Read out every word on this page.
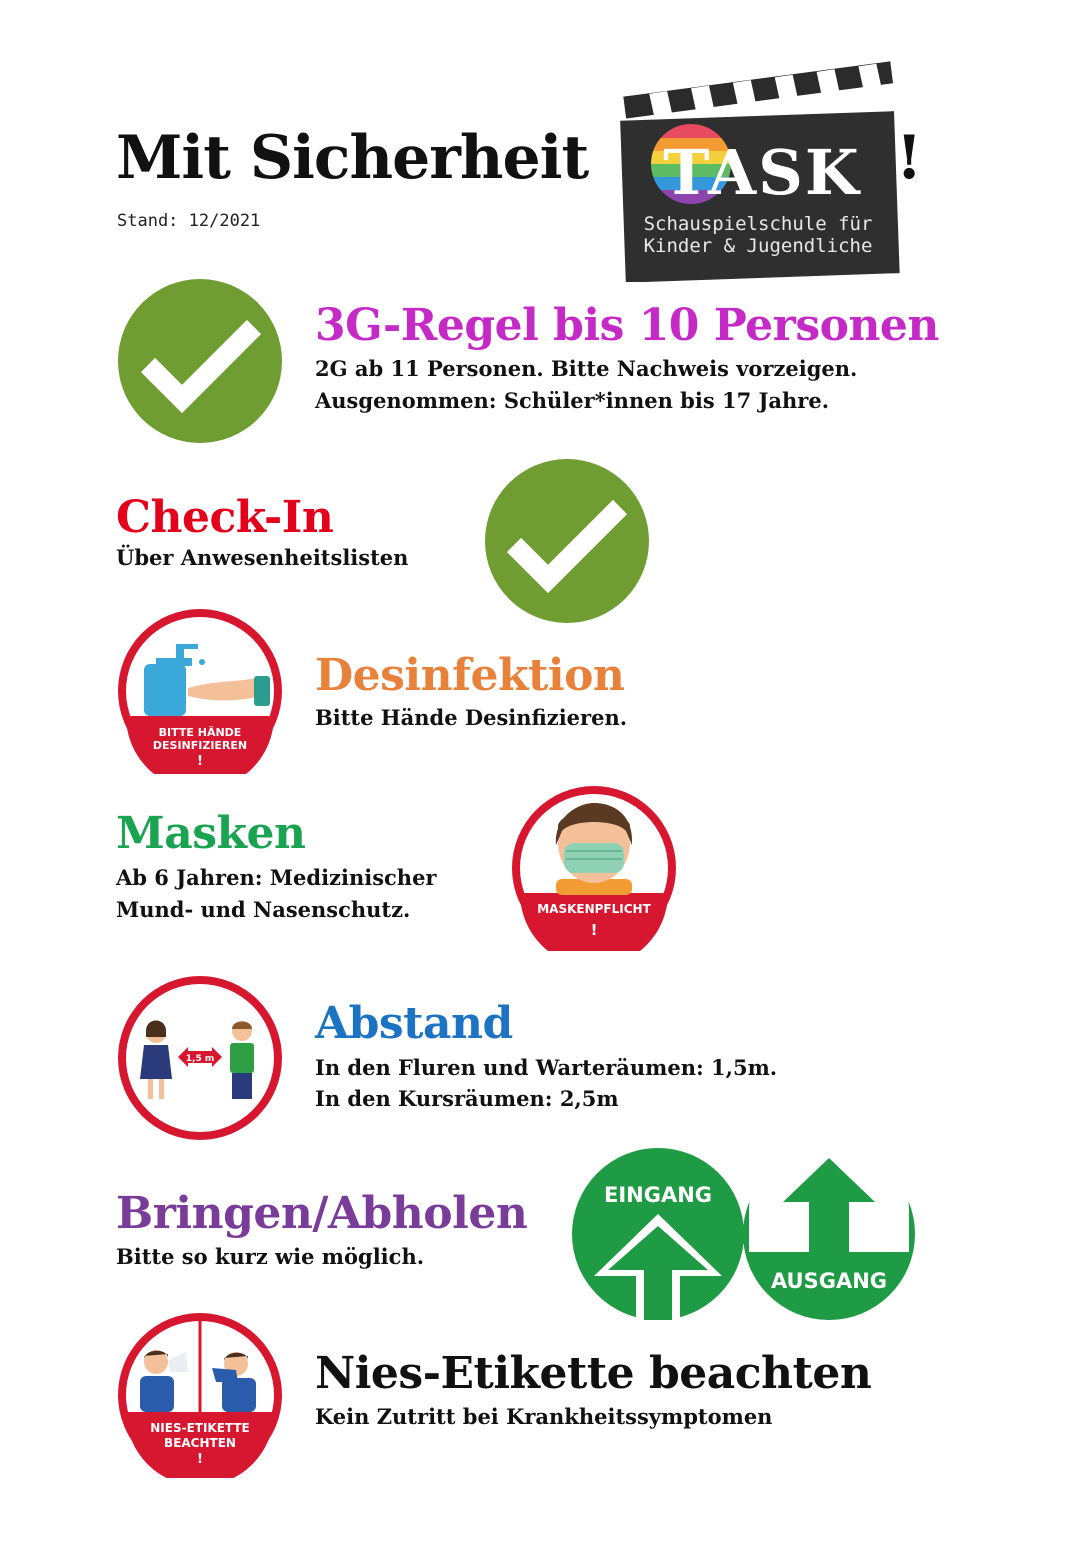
Mit Sicherheit	!
Stand: 12/2021
TASK
Schauspielschule für
Kinder & Jugendliche
3G-Regel bis 10 Personen
2G ab 11 Personen. Bitte Nachweis vorzeigen.
Ausgenommen: Schüler*innen bis 17 Jahre.
Check-In
Über Anwesenheitslisten
BITTE HÄNDE
DESINFIZIEREN
!
Desinfektion
Bitte Hände Desinfizieren.
Masken
Ab 6 Jahren: Medizinischer
Mund- und Nasenschutz.	MASKENPFLICHT
!
1,5 m
Abstand
In den Fluren und Warteräumen: 1,5m.
In den Kursräumen: 2,5m
Bringen/Abholen
Bitte so kurz wie möglich.
EINGANG
AUSGANG
NIES-ETIKETTE
BEACHTEN
!
Nies-Etikette beachten
Kein Zutritt bei Krankheitssymptomen
